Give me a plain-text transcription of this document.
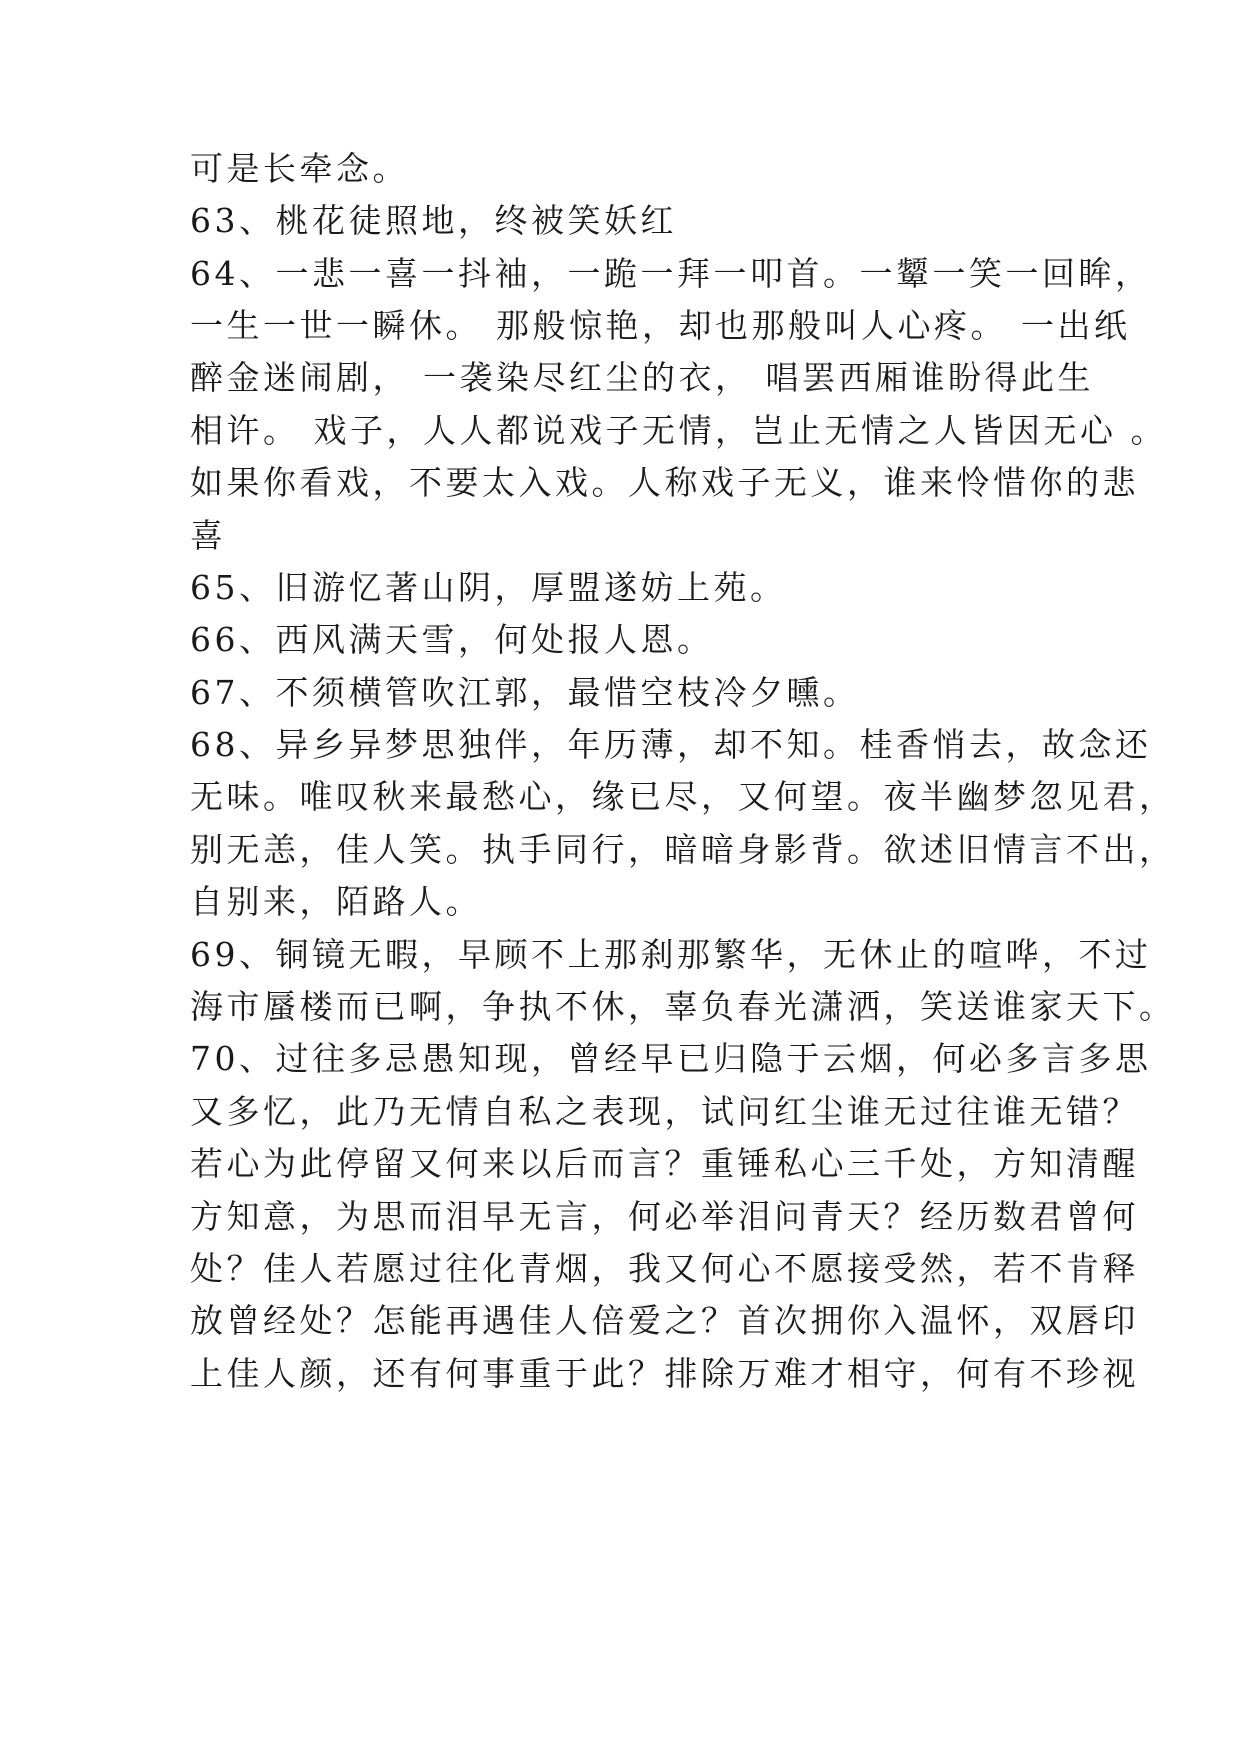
可是长牵念。
63、桃花徒照地，终被笑妖红
64、一悲一喜一抖袖，一跪一拜一叩首。一颦一笑一回眸，
一生一世一瞬休。 那般惊艳，却也那般叫人心疼。 一出纸
醉金迷闹剧， 一袭染尽红尘的衣， 唱罢西厢谁盼得此生
相许。 戏子，人人都说戏子无情，岂止无情之人皆因无心 。
如果你看戏，不要太入戏。人称戏子无义，谁来怜惜你的悲
喜
65、旧游忆著山阴，厚盟遂妨上苑。
66、西风满天雪，何处报人恩。
67、不须横管吹江郭，最惜空枝冷夕曛。
68、异乡异梦思独伴，年历薄，却不知。桂香悄去，故念还
无味。唯叹秋来最愁心，缘已尽，又何望。夜半幽梦忽见君，
别无恙，佳人笑。执手同行，暗暗身影背。欲述旧情言不出，
自别来，陌路人。
69、铜镜无暇，早顾不上那刹那繁华，无休止的喧哗，不过
海市蜃楼而已啊，争执不休，辜负春光潇洒，笑送谁家天下。
70、过往多忌愚知现，曾经早已归隐于云烟，何必多言多思
又多忆，此乃无情自私之表现，试问红尘谁无过往谁无错？
若心为此停留又何来以后而言？重锤私心三千处，方知清醒
方知意，为思而泪早无言，何必举泪问青天？经历数君曾何
处？佳人若愿过往化青烟，我又何心不愿接受然，若不肯释
放曾经处？怎能再遇佳人倍爱之？首次拥你入温怀，双唇印
上佳人颜，还有何事重于此？排除万难才相守，何有不珍视
